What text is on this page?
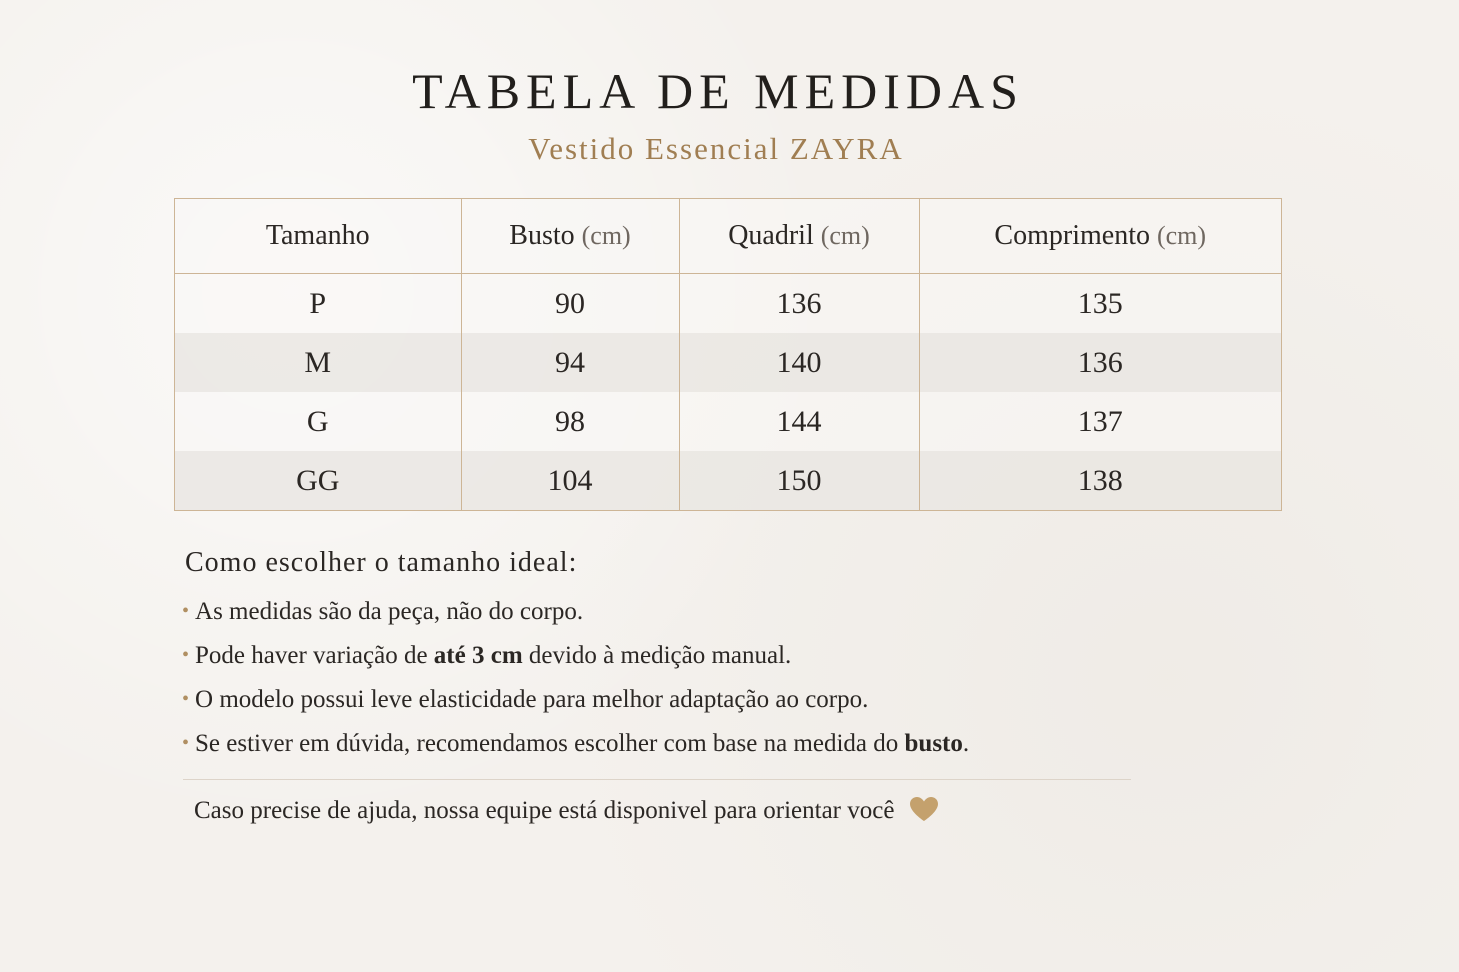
TABELA DE MEDIDAS
Vestido Essencial ZAYRA
Tamanho	Busto (cm)	Quadril (cm)	Comprimento (cm)
P	90	136	135
M	94	140	136
G	98	144	137
GG	104	150	138
Como escolher o tamanho ideal:
• As medidas são da peça, não do corpo.
• Pode haver variação de até 3 cm devido à medição manual.
• O modelo possui leve elasticidade para melhor adaptação ao corpo.
• Se estiver em dúvida, recomendamos escolher com base na medida do busto.
Caso precise de ajuda, nossa equipe está disponivel para orientar você
